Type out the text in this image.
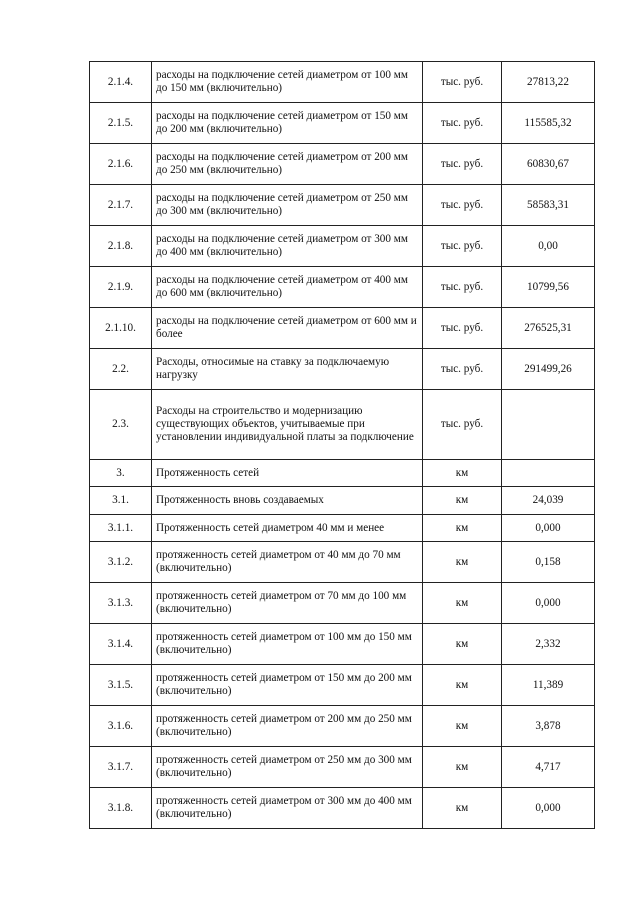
2.1.4.	расходы на подключение сетей диаметром от 100 мм до 150 мм (включительно)	тыс. руб.	27813,22
2.1.5.	расходы на подключение сетей диаметром от 150 мм до 200 мм (включительно)	тыс. руб.	115585,32
2.1.6.	расходы на подключение сетей диаметром от 200 мм до 250 мм (включительно)	тыс. руб.	60830,67
2.1.7.	расходы на подключение сетей диаметром от 250 мм до 300 мм (включительно)	тыс. руб.	58583,31
2.1.8.	расходы на подключение сетей диаметром от 300 мм до 400 мм (включительно)	тыс. руб.	0,00
2.1.9.	расходы на подключение сетей диаметром от 400 мм до 600 мм (включительно)	тыс. руб.	10799,56
2.1.10.	расходы на подключение сетей диаметром от 600 мм и более	тыс. руб.	276525,31
2.2.	Расходы, относимые на ставку за подключаемую нагрузку	тыс. руб.	291499,26
2.3.	Расходы на строительство и модернизацию существующих объектов, учитываемые при установлении индивидуальной платы за подключение	тыс. руб.	
3.	Протяженность сетей	км	
3.1.	Протяженность вновь создаваемых	км	24,039
3.1.1.	Протяженность сетей диаметром 40 мм и менее	км	0,000
3.1.2.	протяженность сетей диаметром от 40 мм до 70 мм (включительно)	км	0,158
3.1.3.	протяженность сетей диаметром от 70 мм до 100 мм (включительно)	км	0,000
3.1.4.	протяженность сетей диаметром от 100 мм до 150 мм (включительно)	км	2,332
3.1.5.	протяженность сетей диаметром от 150 мм до 200 мм (включительно)	км	11,389
3.1.6.	протяженность сетей диаметром от 200 мм до 250 мм (включительно)	км	3,878
3.1.7.	протяженность сетей диаметром от 250 мм до 300 мм (включительно)	км	4,717
3.1.8.	протяженность сетей диаметром от 300 мм до 400 мм (включительно)	км	0,000
